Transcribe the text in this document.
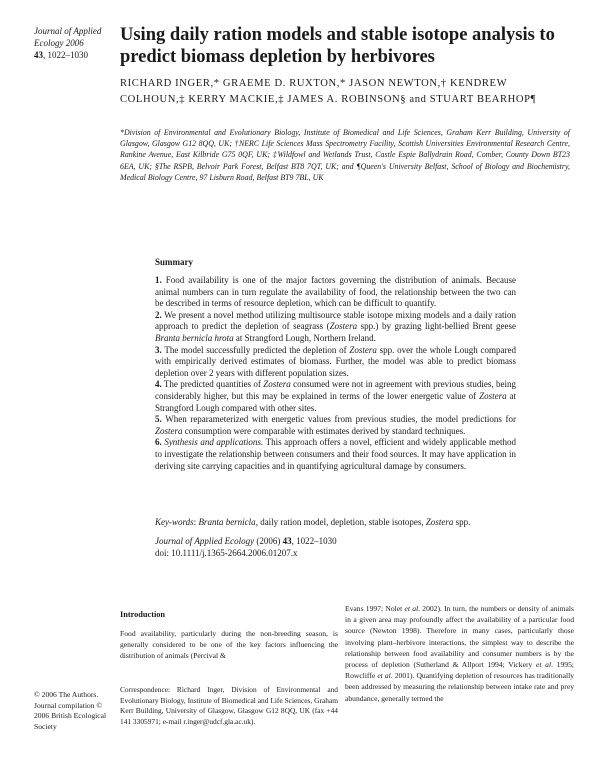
Journal of Applied Ecology 2006
43, 1022–1030
Using daily ration models and stable isotope analysis to predict biomass depletion by herbivores
RICHARD INGER,* GRAEME D. RUXTON,* JASON NEWTON,† KENDREW COLHOUN,‡ KERRY MACKIE,‡ JAMES A. ROBINSON§ and STUART BEARHOP¶
*Division of Environmental and Evolutionary Biology, Institute of Biomedical and Life Sciences, Graham Kerr Building, University of Glasgow, Glasgow G12 8QQ, UK; †NERC Life Sciences Mass Spectrometry Facility, Scottish Universities Environmental Research Centre, Rankine Avenue, East Kilbride G75 0QF, UK; ‡Wildfowl and Wetlands Trust, Castle Espie Ballydrain Road, Comber, County Down BT23 6EA, UK; §The RSPB, Belvoir Park Forest, Belfast BT8 7QT, UK; and ¶Queen's University Belfast, School of Biology and Biochemistry, Medical Biology Centre, 97 Lisburn Road, Belfast BT9 7BL, UK
Summary

1. Food availability is one of the major factors governing the distribution of animals. Because animal numbers can in turn regulate the availability of food, the relationship between the two can be described in terms of resource depletion, which can be difficult to quantify.

2. We present a novel method utilizing multisource stable isotope mixing models and a daily ration approach to predict the depletion of seagrass (Zostera spp.) by grazing light-bellied Brent geese Branta bernicla hrota at Strangford Lough, Northern Ireland.

3. The model successfully predicted the depletion of Zostera spp. over the whole Lough compared with empirically derived estimates of biomass. Further, the model was able to predict biomass depletion over 2 years with different population sizes.

4. The predicted quantities of Zostera consumed were not in agreement with previous studies, being considerably higher, but this may be explained in terms of the lower energetic value of Zostera at Strangford Lough compared with other sites.

5. When reparameterized with energetic values from previous studies, the model predictions for Zostera consumption were comparable with estimates derived by standard techniques.

6. Synthesis and applications. This approach offers a novel, efficient and widely applicable method to investigate the relationship between consumers and their food sources. It may have application in deriving site carrying capacities and in quantifying agricultural damage by consumers.

Key-words: Branta bernicla, daily ration model, depletion, stable isotopes, Zostera spp.
Journal of Applied Ecology (2006) 43, 1022–1030
doi: 10.1111/j.1365-2664.2006.01207.x
Introduction
Food availability, particularly during the non-breeding season, is generally considered to be one of the key factors influencing the distribution of animals (Percival &
Evans 1997; Nolet et al. 2002). In turn, the numbers or density of animals in a given area may profoundly affect the availability of a particular food source (Newton 1998). Therefore in many cases, particularly those involving plant–herbivore interactions, the simplest way to describe the relationship between food availability and consumer numbers is by the process of depletion (Sutherland & Allport 1994; Vickery et al. 1995; Rowcliffe et al. 2001). Quantifying depletion of resources has traditionally been addressed by measuring the relationship between intake rate and prey abundance, generally termed the
© 2006 The Authors. Journal compilation © 2006 British Ecological Society
Correspondence: Richard Inger, Division of Environmental and Evolutionary Biology, Institute of Biomedical and Life Sciences, Graham Kerr Building, University of Glasgow, Glasgow G12 8QQ, UK (fax +44 141 3305971; e-mail r.inger@udcf.gla.ac.uk).
